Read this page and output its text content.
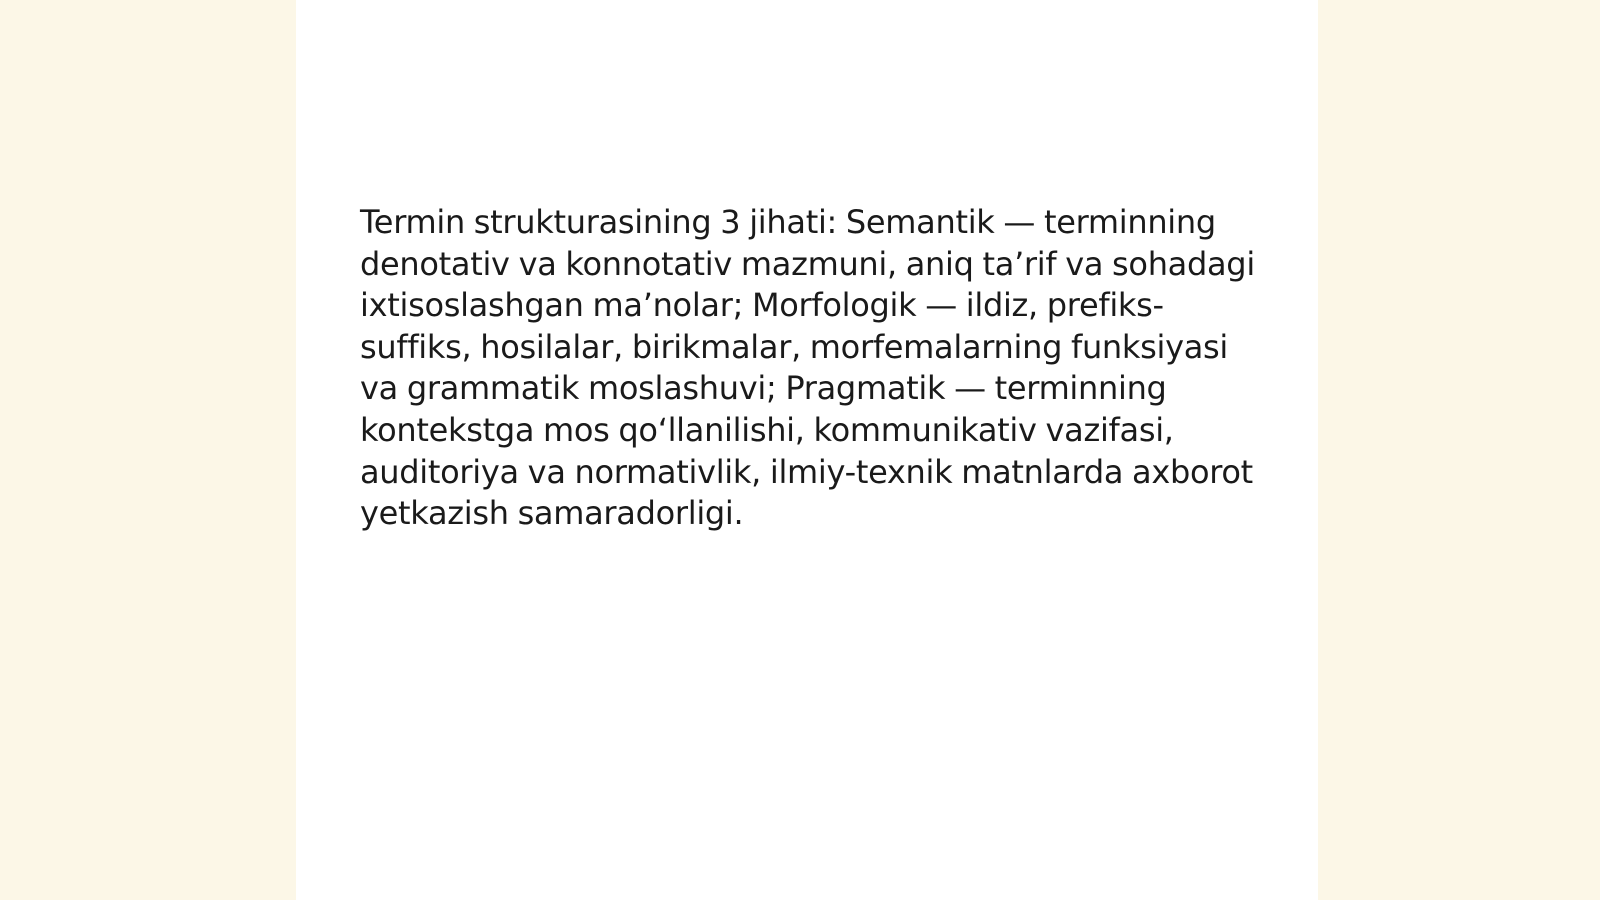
Termin strukturasining 3 jihati: Semantik — terminning denotativ va konnotativ mazmuni, aniq ta’rif va sohadagi ixtisoslashgan ma’nolar; Morfologik — ildiz, prefiks-suffiks, hosilalar, birikmalar, morfemalarning funksiyasi va grammatik moslashuvi; Pragmatik — terminning kontekstga mos qo‘llanilishi, kommunikativ vazifasi, auditoriya va normativlik, ilmiy-texnik matnlarda axborot yetkazish samaradorligi.
